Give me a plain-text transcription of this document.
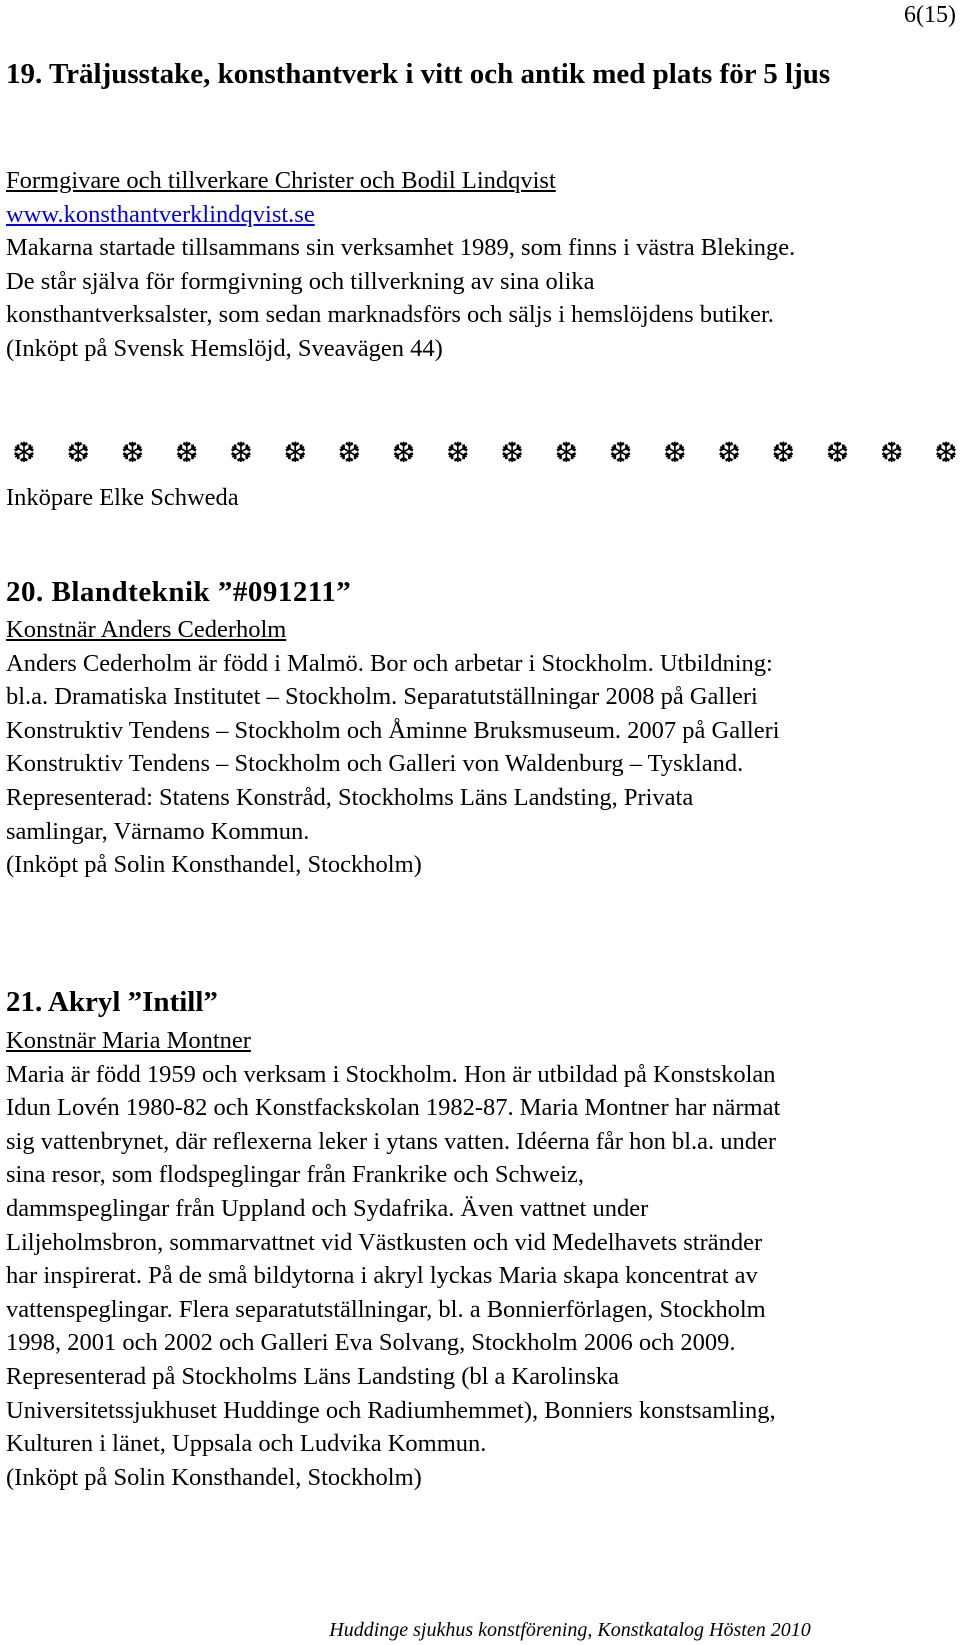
6(15)
19. Träljusstake, konsthantverk i vitt och antik med plats för 5 ljus

Formgivare och tillverkare Christer och Bodil Lindqvist

www.konsthantverklindqvist.se

Makarna startade tillsammans sin verksamhet 1989, som finns i västra Blekinge.

De står själva för formgivning och tillverkning av sina olika

konsthantverksalster, som sedan marknadsförs och säljs i hemslöjdens butiker.

(Inköpt på Svensk Hemslöjd, Sveavägen 44)

❆ ❆ ❆ ❆ ❆ ❆ ❆ ❆ ❆ ❆ ❆ ❆ ❆ ❆ ❆ ❆ ❆ ❆

Inköpare Elke Schweda

20. Blandteknik ”#091211”

Konstnär Anders Cederholm

Anders Cederholm är född i Malmö. Bor och arbetar i Stockholm. Utbildning:

bl.a. Dramatiska Institutet – Stockholm. Separatutställningar 2008 på Galleri

Konstruktiv Tendens – Stockholm och Åminne Bruksmuseum. 2007 på Galleri

Konstruktiv Tendens – Stockholm och Galleri von Waldenburg – Tyskland.

Representerad: Statens Konstråd, Stockholms Läns Landsting, Privata

samlingar, Värnamo Kommun.

(Inköpt på Solin Konsthandel, Stockholm)

21. Akryl ”Intill”

Konstnär Maria Montner

Maria är född 1959 och verksam i Stockholm. Hon är utbildad på Konstskolan

Idun Lovén 1980-82 och Konstfackskolan 1982-87. Maria Montner har närmat

sig vattenbrynet, där reflexerna leker i ytans vatten. Idéerna får hon bl.a. under

sina resor, som flodspeglingar från Frankrike och Schweiz,

dammspeglingar från Uppland och Sydafrika. Även vattnet under

Liljeholmsbron, sommarvattnet vid Västkusten och vid Medelhavets stränder

har inspirerat. På de små bildytorna i akryl lyckas Maria skapa koncentrat av

vattenspeglingar. Flera separatutställningar, bl. a Bonnierförlagen, Stockholm

1998, 2001 och 2002 och Galleri Eva Solvang, Stockholm 2006 och 2009.

Representerad på Stockholms Läns Landsting (bl a Karolinska

Universitetssjukhuset Huddinge och Radiumhemmet), Bonniers konstsamling,

Kulturen i länet, Uppsala och Ludvika Kommun.

(Inköpt på Solin Konsthandel, Stockholm)

Huddinge sjukhus konstförening, Konstkatalog Hösten 2010
